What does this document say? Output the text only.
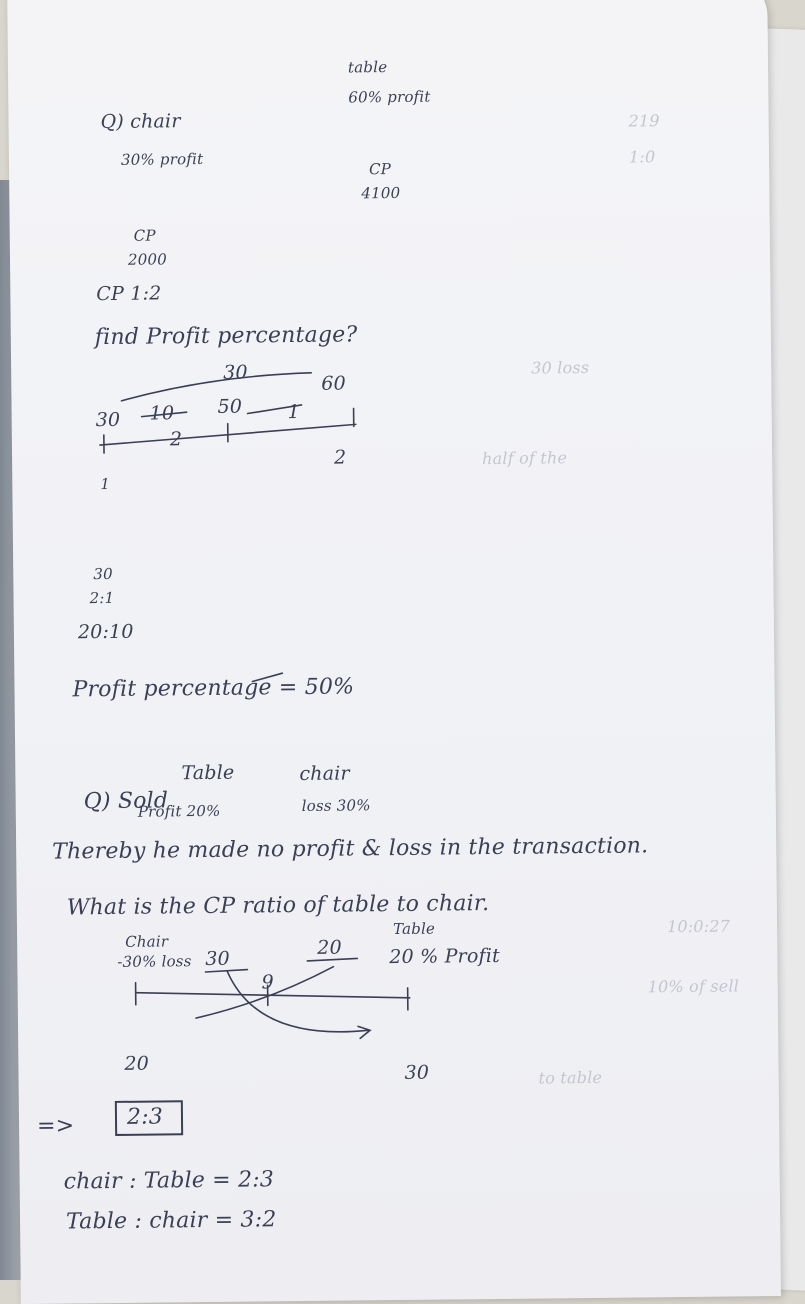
219
1:0
30 loss
half of the
to table
10:0:27
10% of sell
Q) chair
30% profit
table
60% profit
CP
4100
CP
2000
CP 1:2
find Profit percentage?
30	60
30 10
2
50 1
1
2
30
2:1
20:10
Profit percentage = 50%
Table	chair
Q) Sold
Profit 20%	loss 30%
Thereby he made no profit & loss in the transaction.
What is the CP ratio of table to chair.
Chair
Table
-30% loss 30
9
20 20 % Profit
20	30
=>	2:3
chair : Table = 2:3
Table : chair = 3:2
